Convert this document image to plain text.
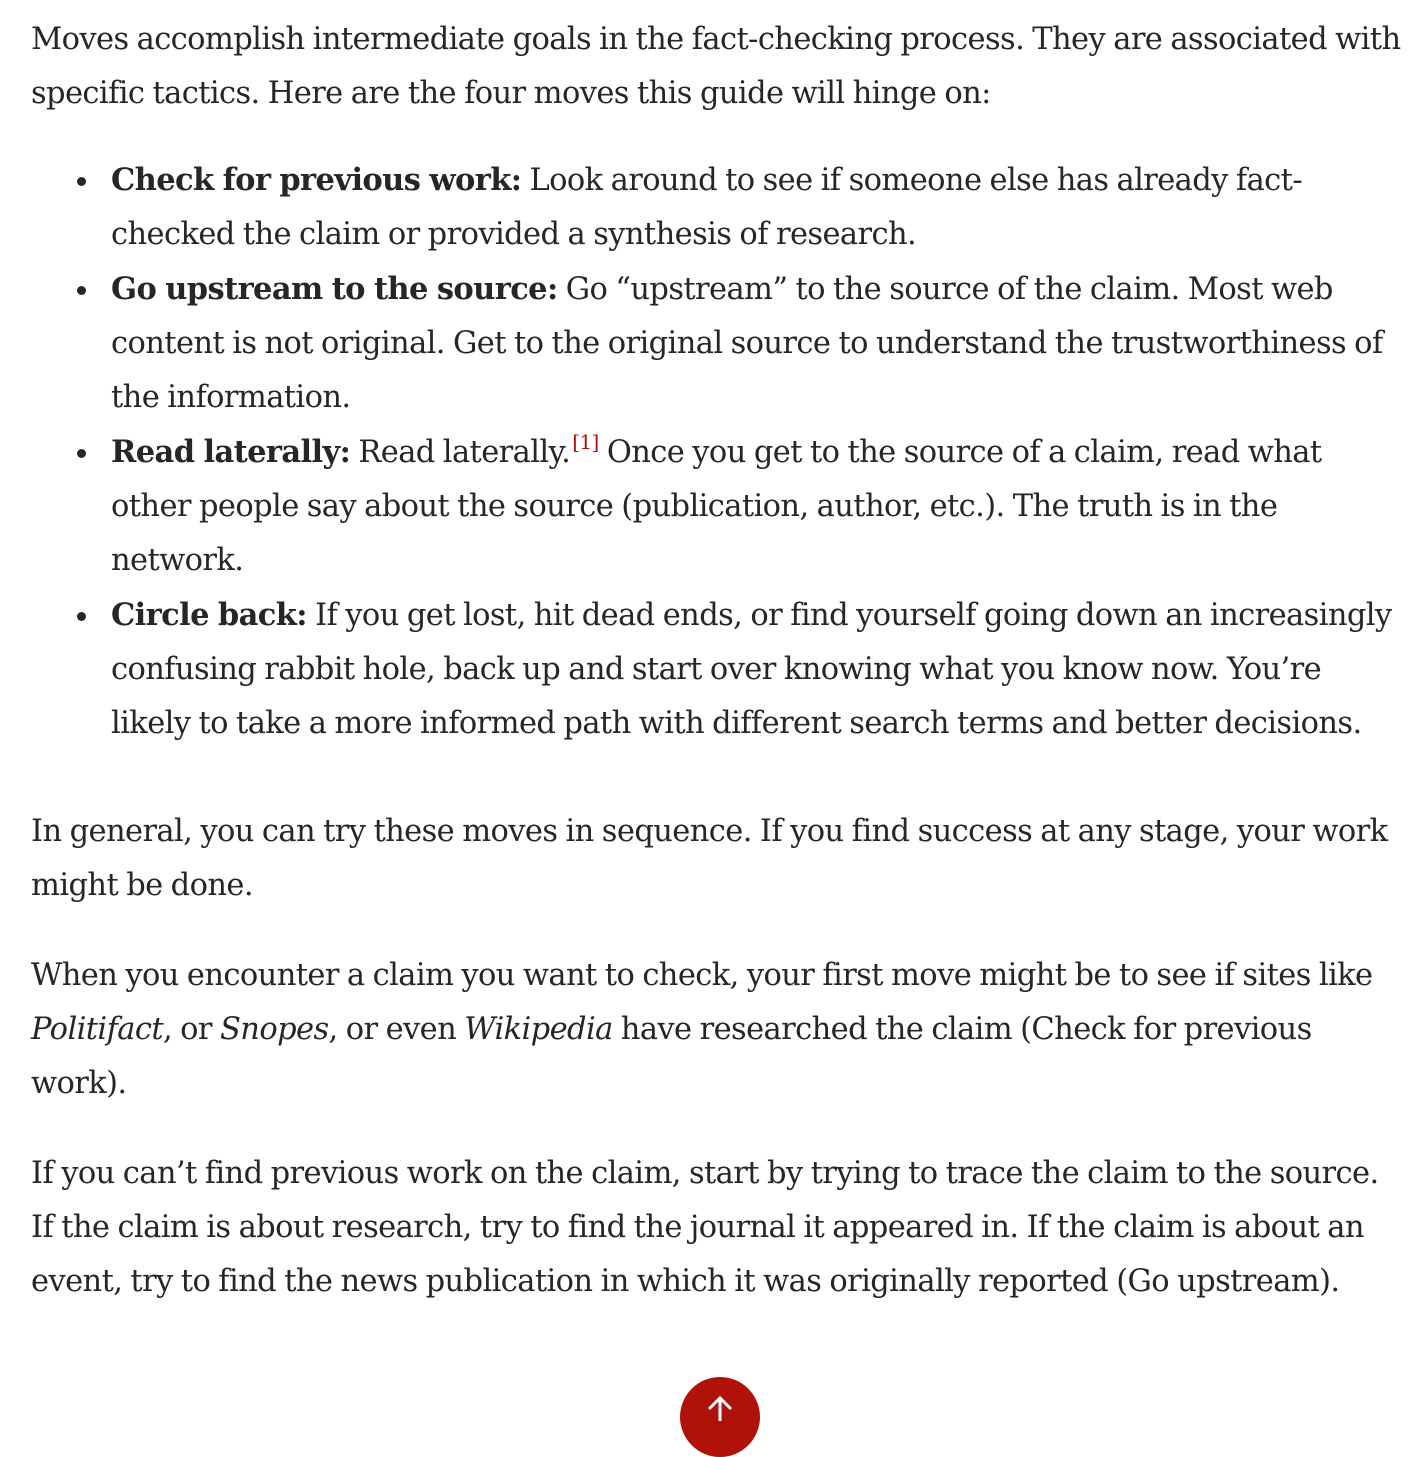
Moves accomplish intermediate goals in the fact-checking process. They are associated with specific tactics. Here are the four moves this guide will hinge on:

Check for previous work: Look around to see if someone else has already fact-checked the claim or provided a synthesis of research.
Go upstream to the source: Go “upstream” to the source of the claim. Most web content is not original. Get to the original source to understand the trustworthiness of the information.
Read laterally: Read laterally. [1] Once you get to the source of a claim, read what other people say about the source (publication, author, etc.). The truth is in the network.
Circle back: If you get lost, hit dead ends, or find yourself going down an increasingly confusing rabbit hole, back up and start over knowing what you know now. You’re likely to take a more informed path with different search terms and better decisions.

In general, you can try these moves in sequence. If you find success at any stage, your work might be done.

When you encounter a claim you want to check, your first move might be to see if sites like Politifact, or Snopes, or even Wikipedia have researched the claim (Check for previous work).

If you can’t find previous work on the claim, start by trying to trace the claim to the source. If the claim is about research, try to find the journal it appeared in. If the claim is about an event, try to find the news publication in which it was originally reported (Go upstream).
